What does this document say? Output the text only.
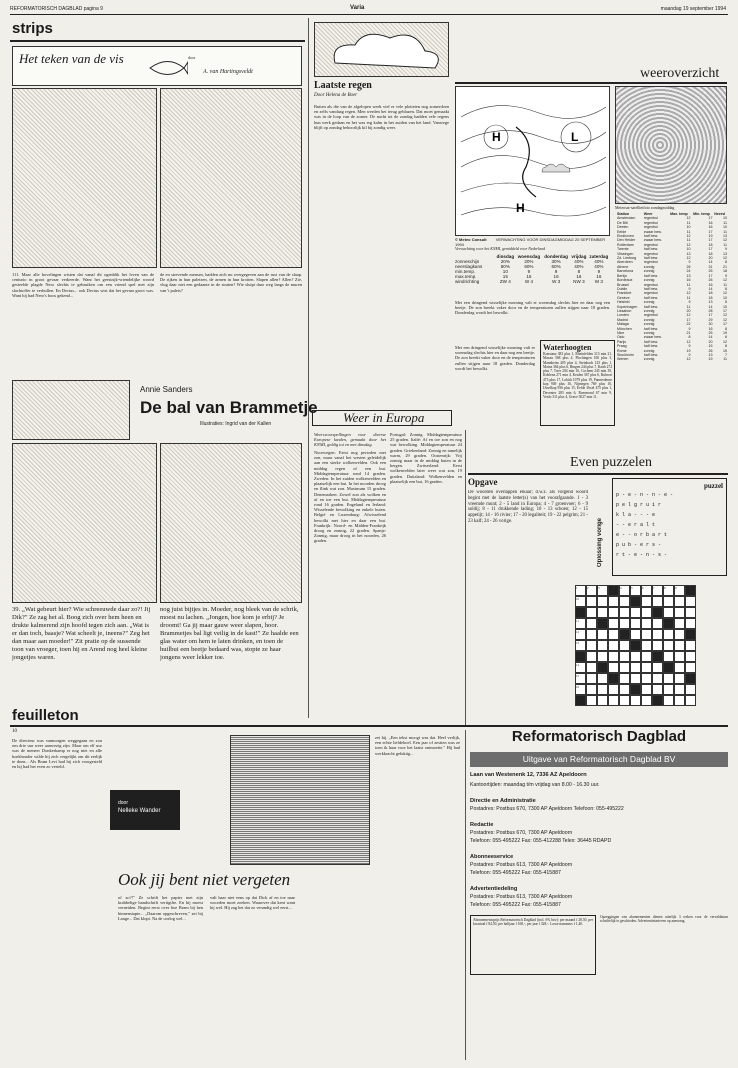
REFORMATORISCH DAGBLAD pagina 9	Varia	maandag 19 september 1994
strips
Het teken van de vis	door
A. van Hartingsveldt
111. Maar alle hovelingen wisten dat vanaf dit ogenblik het leven van de centurio in groot gevaar verkeerde. Want het geestrijk-vriendelijke woord gesteelde plagde Nero slechts te gebruiken om een vriend spel met zijn slachtoffer te verhullen. En Decius... ook Decius wist dat het gevaar groot was. Want hij had Nero's boos gekend...
de en strevende mensen, hadden zich nu overgegeven aan de rust van de slaap. De rijken in hun paleizen, de armen in hun krotten. Slapen allen? Allen? Zie, vlug daar niet een gedaante in de straten? Wie sluipt daar weg langs de muren van 't paleis?
Annie Sanders
De bal van Brammetje
Illustraties: Ingrid van der Kallen
39. „Wat gebeurt hier? Wie schreeuwde daar zo?! Jij Dik?" Ze zag het al. Boog zich over hem heen en drukte kalmerend zijn hoofd tegen zich aan. „Wat is er dan toch, baasje? Wat scheelt je, ineens?" Zeg het dan maar aan moeder!" Zit pratie op de sussende toon van vroeger, toen hij en Arend nog heel kleine jongetjes waren.
nog juist bijtjes in. Moeder, nog bleek van de schrik, moest nu lachen. „Jongen, hoe kom je erbij? Je droomt! Ga jij maar gauw weer slapen, hoor. Brammetjes bal ligt veilig in de kast!" Ze haalde een glas water om hem te laten drinken, en toen de huilbui een beetje bedaard was, stopte ze haar jongens weer lekker toe.
feuilleton
10
De directeur was vanmorgen weggegaan en zou om drie uur weer aanwezig zijn. Maar om elf uur was de meneer Donkerkamp er nog niet en alle boekhouder wilde hij zich vergelijkt om dit eerlijk te doen... Als Bram Levi had hij zich voorgesteld en hij had het even zo verteld.
door
Nelleke Wander
Ook jij bent niet vergeten
of zo?!" Ze schrift het papier met zijn krabbelige handschrift vertigtfte. En bij moest verneiden. Begint eerst over hoe Bram bij hen binnenstapte... „Daarom opgeschreven," zei bij Lange... Dat klopt. Na de oorlog wel...
valt haar niet eens op dat Dick af en toe naar woorden moet zoeken. Waarover dat kent want bij wel. Hij zag het dat zo verandig wel eerst...
zei hij. „Een tekst moogt was dat. Heel verlijk, een echte liefdeboel. Een jaar of zestien was ze toen ik haar voor het laatst ontmoette." Hij had werkkracht geluktig...
Laatste regen
Door Helena de Boer
Buiten als die van de afgelopen week viel er vele plotteten nog zomerdoen en zelfs vandaag regen. Men werden het terug geblazen. Dat moet gemaakt was in de loop van de zomer. De nacht tot de zondag hadden vele regens hun werk gedaan en het was erg kalm in het zuiden van het land. Vanwege blijft op zondag behoorlijk kil bij zondig weer.
Weer in Europa
Weersvoorspellingen voor diverse Europese landen, gemaakt door het KNMI, geldig tot en met dinsdag.
Noorwegen: Eerst nog perioden met zon, maar vanaf het westen geleidelijk aan een sterke wolkenvelden. Ook een middag regen of een bui. Middagtemperatuur rond 14 graden. Zweden: In het zuiden wolkenvelden en plaatselijk een bui. In het noorden droog en flink wat zon. Maximum 15 graden. Denemarken: Zowel zon als wolken en af en toe een bui. Middagtemperatuur rond 16 graden. Engeland en Ierland: Wisselende bewolking en enkele buien. België en Luxemburg: Afwisselend bewolkt met hier en daar een bui. Frankrijk: Noord- en Midden-Frankrijk droog en zonnig, 22 graden. Spanje: Zonnig, maar droog in het noorden, 26 graden.
Portugal: Zonnig. Middagtemperatuur 25 graden. Italië: Af en toe zon en nog wat bewolking. Middagtemperatuur 24 graden. Griekenland: Zonnig en tamelijk warm, 29 graden. Oostenrijk: Vrij zonnig maar in de middag buien in de bergen. Zwitserland: Eerst wolkenvelden later weer wat zon, 19 graden. Duitsland: Wolkenvelden en plaatselijk een bui, 16 graden.
weeroverzicht
H	L
H
© Meteo Consult VERWACHTING VOOR DINSDAGMIDDAG 20 SEPTEMBER 1994
Meteosat-satellietfoto zondagmiddag
Verwachting voor het KNMI, gemiddeld voor Nederland
	dinsdag	woensdag	donderdag	vrijdag	zaterdag
zonneschijn	20%	20%	30%	40%	40%
neerslagkans	80%	60%	60%	40%	40%
min.temp.	10	9	9	8	9
max.temp.	15	15	16	16	16
windrichting	ZW 4	W 4	W 3	NW 3	W 3
Met een dringend wisselijke morning valt er woensdag slechts hier en daar nog een beetje. De zon breekt vaker door en de temperaturen zullen stijgen naar 18 graden. Donderdag wordt het bewolkt.
Waterhoogten
Konstanz 383 plus 1, Rheinfelden 313 min 21, Maxau 568 plus 4, Plochingen 160 plus 3, Mannheim 405 plus 4, Steinbach 125 plus 1, Mainz 364 plus 6, Bingen 244 plus 7, Kaub 272 plus 7, Trier 204 min 16, Cochem 245 min 39, Koblenz 271 min 4, Keulen 367 plus 6, Ruhrort 473 plus 17, Lobith 1079 plus 19, Pannerdense kop 949 plus 16, Nijmegen 769 plus 16, IJsselkop 956 plus 15, Eefde IJssel 475 plus 1, Deventer 283 min 6, Roermond 67 min 9, Venlo 311 plus 4, Grave 5027 min 11.
Met een dringend wisselijke morning valt er woensdag slechts hier en daar nog een beetje. De zon breekt vaker door en de temperaturen zullen stijgen naar 18 graden. Donderdag wordt het bewolkt.
Station	Weer	Max. temp	Min. temp	Neersl
Amsterdam	regenbui	12	17	10
De Bilt	regenbui	11	16	11
Deelen	regenbui	10	16	10
Eelde	zwaar bew.	11	17	11
Eindhoven	half bew.	12	19	13
Den Helder	zwaar bew.	11	17	12
Rotterdam	regenbui	12	18	11
Twente	half bew.	10	17	9
Vlissingen	regenbui	13	18	13
Zd. Limburg	half bew.	12	20	12
Aberdeen	regenbui	9	14	8
Athene	zonnig	26	31	21
Barcelona	zonnig	24	26	18
Berlijn	half bew.	13	17	9
Bordeaux	zonnig	16	26	12
Brussel	regenbui	11	16	11
Dublin	half bew.	9	14	8
Frankfort	regenbui	12	18	12
Genève	half bew.	11	18	10
Helsinki	zonnig	9	13	5
Kopenhagen	half bew.	11	14	10
Lissabon	zonnig	20	28	17
Londen	regenbui	12	17	12
Madrid	zonnig	17	29	12
Málaga	zonnig	22	30	17
München	half bew.	9	16	8
Nice	zonnig	21	25	19
Oslo	zwaar bew.	8	14	6
Parijs	half bew.	12	20	12
Praag	half bew.	9	15	8
Rome	zonnig	19	26	15
Stockholm	half bew.	9	13	7
Wenen	zonnig	12	19	11
Even puzzelen
Opgave
De woorden overlappen elkaar; d.w.z. als volgend woord begint met de laatste letter(s) van het voorafgaande. 1 - 3 vreemde munt; 2 - 5 land in Europa; 4 - 7 groenvoer; 6 - 9 soldij; 8 - 11 drukkende lading; 10 - 13 schoen; 12 - 15 appetijt; 14 - 16 rivier; 17 - 20 legaliteit; 19 - 22 pelgrim; 21 - 23 kalf; 24 - 26 vorige.	Oplossing vorige
puzzel
p - e - n - n - e -
p e l g r u i r
k l a - - - e
- - e r a l t
e - - o r b a r t
p u b - e r s -
r t - e - n - s -
1	2	3	4	5	6	7	8	9
10
11
12
13
14
15
16
Reformatorisch Dagblad
Uitgave van Reformatorisch Dagblad BV
Laan van Westenenk 12, 7336 AZ Apeldoorn
Kantoortijden: maandag t/m vrijdag van 8.00 - 16.30 uur.
Directie en Administratie
Postadres: Postbus 670, 7300 AP Apeldoorn Telefoon: 055-495222
Redactie
Postadres: Postbus 670, 7300 AP Apeldoorn
Telefoon: 055-495222 Fax: 055-412288 Telex: 36445 RDAPD
Abonneeservice
Postadres: Postbus 613, 7300 AP Apeldoorn
Telefoon: 055-495222 Fax: 055-415887
Advertentiedeling
Postadres: Postbus 613, 7300 AP Apeldoorn
Telefoon: 055-495222 Fax: 055-415887
Abonnementsprijs Reformatorisch Dagblad (incl. 6% btw): per maand f 28,50, per kwartaal f 84,50, per halfjaar f 168,-, per jaar f 328,-. Losse nummers f 1,40.
Opzeggingen van abonnementen dienen uiterlijk 3 weken voor de vervaldatum schriftelijk te geschieden. Advertentietarieven op aanvraag.
